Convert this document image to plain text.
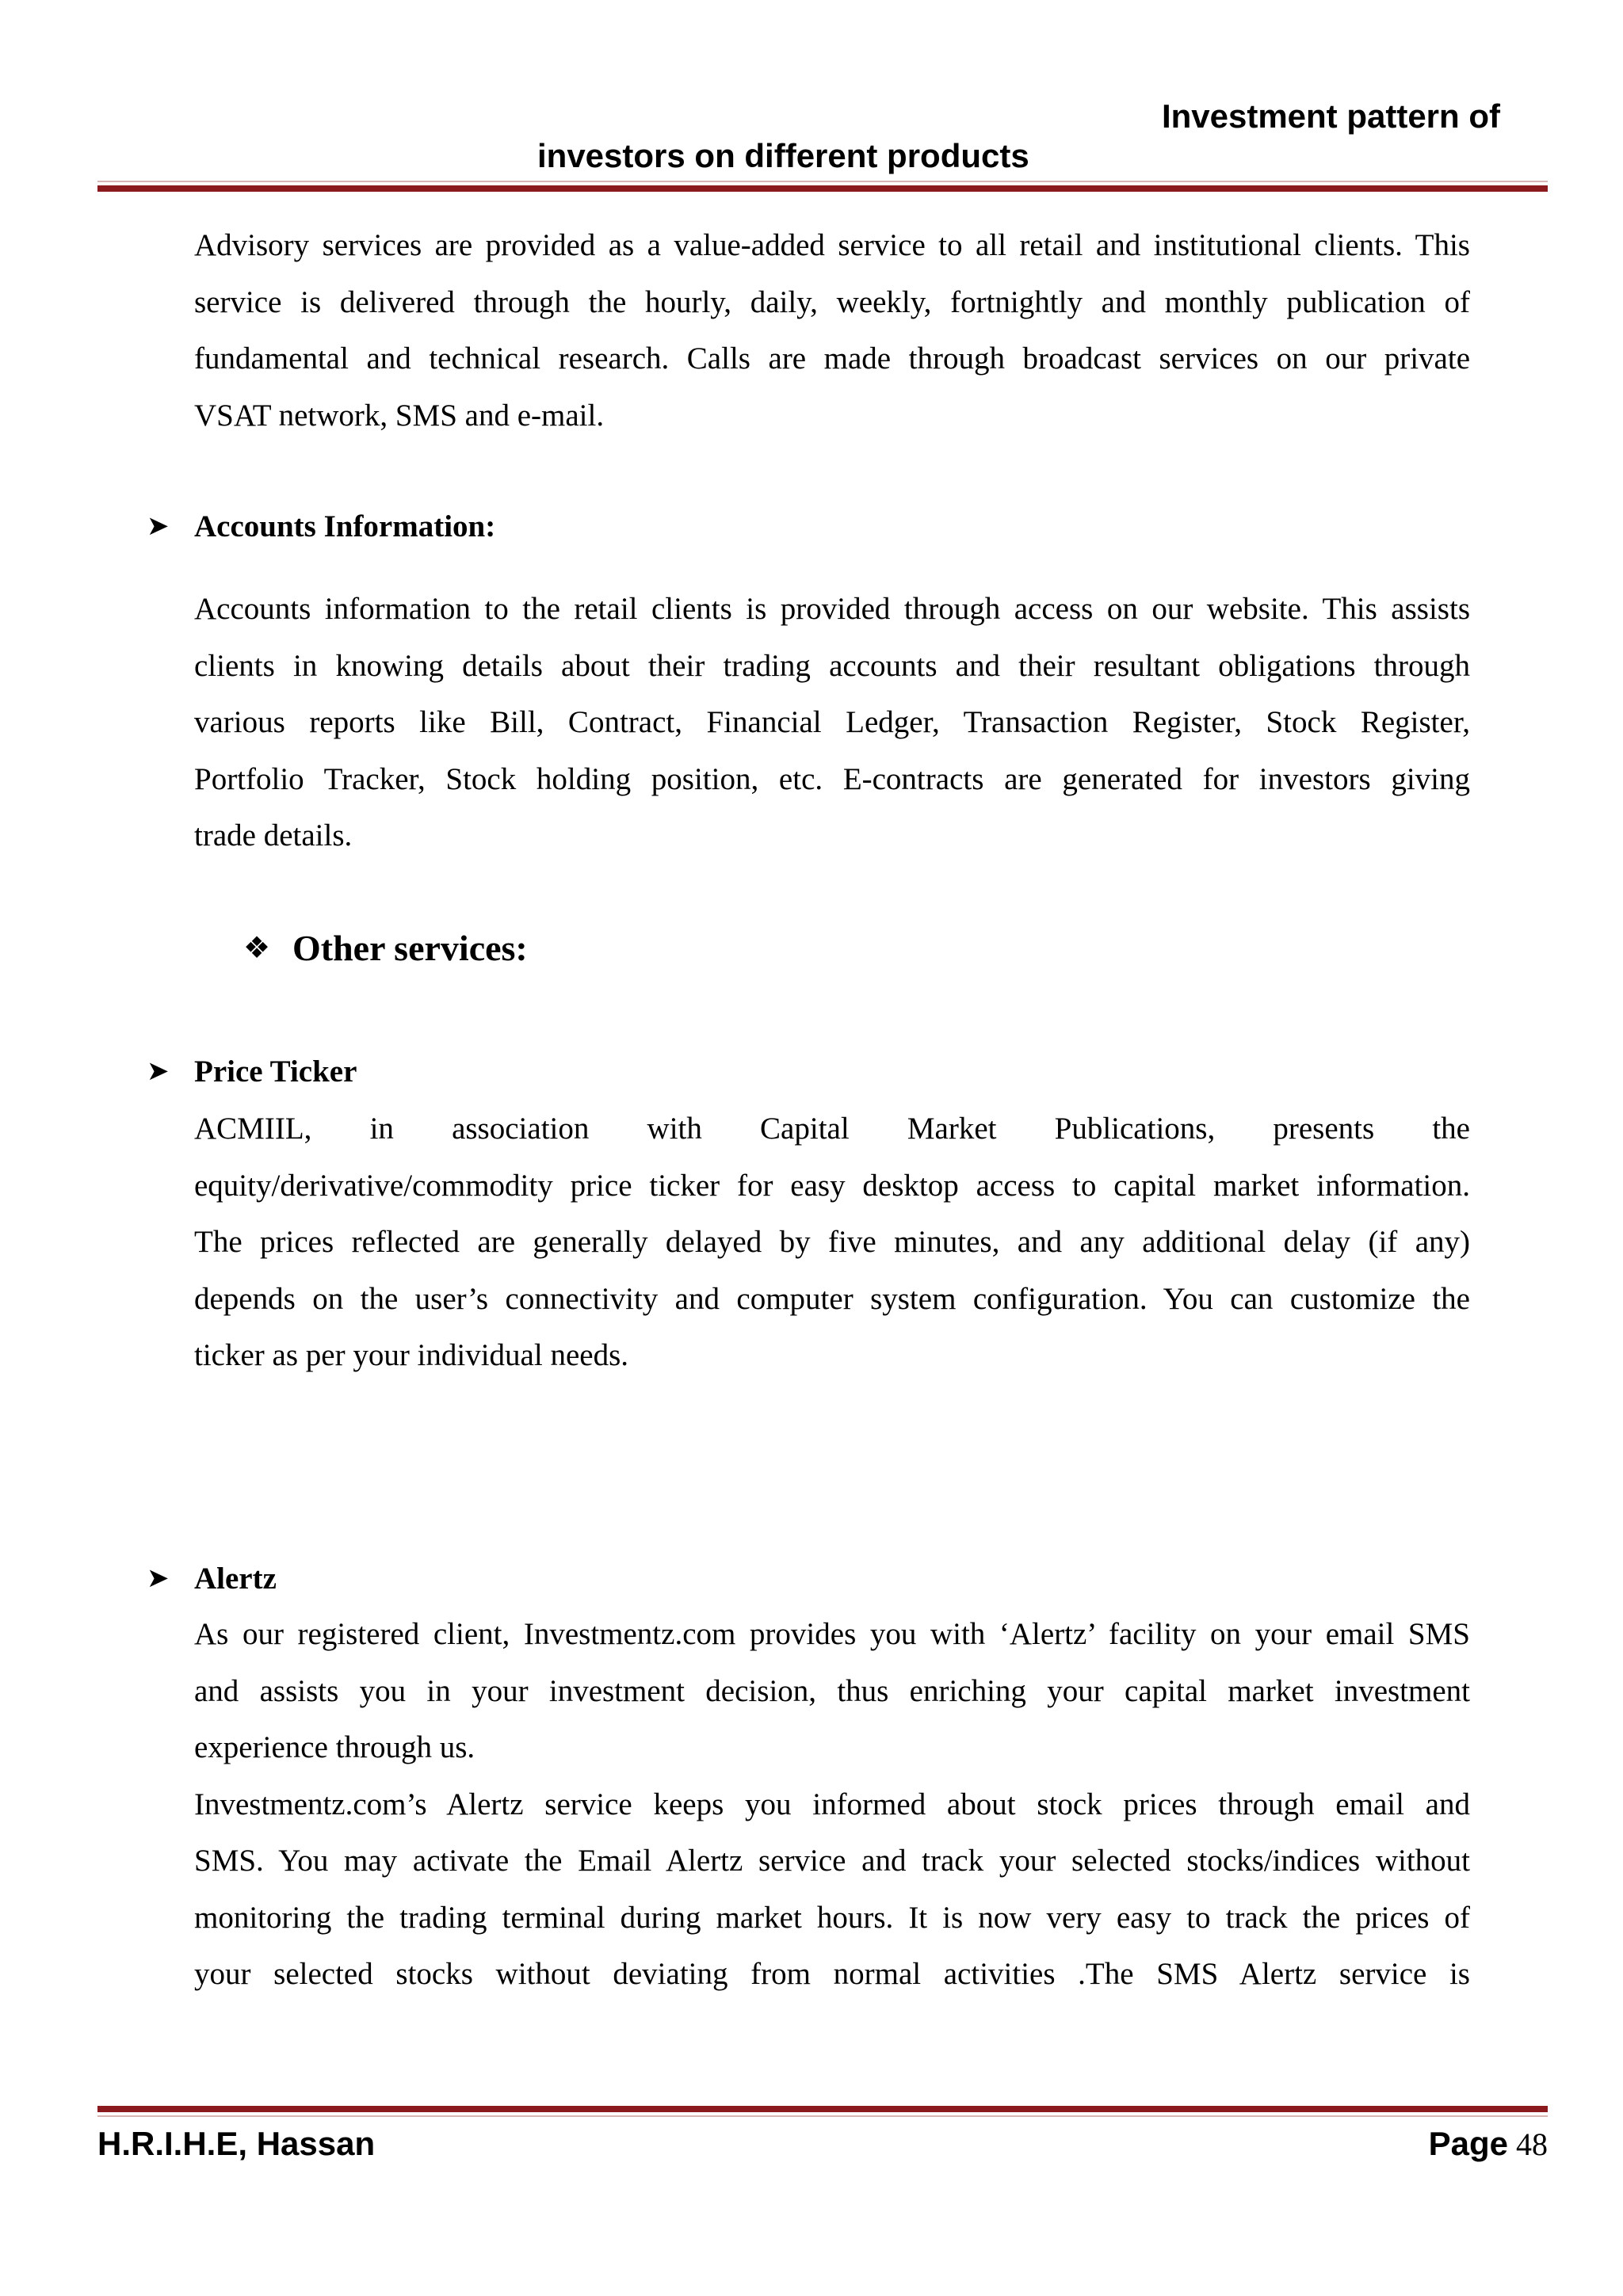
Investment pattern of
investors on different products
Advisory services are provided as a value-added service to all retail and institutional clients. This
service is delivered through the hourly, daily, weekly, fortnightly and monthly publication of
fundamental and technical research. Calls are made through broadcast services on our private
VSAT network, SMS and e-mail.
➤ Accounts Information:
Accounts information to the retail clients is provided through access on our website. This assists
clients in knowing details about their trading accounts and their resultant obligations through
various reports like Bill, Contract, Financial Ledger, Transaction Register, Stock Register,
Portfolio Tracker, Stock holding position, etc. E-contracts are generated for investors giving
trade details.
❖ Other services:
➤ Price Ticker
ACMIIL, in association with Capital Market Publications, presents the
equity/derivative/commodity price ticker for easy desktop access to capital market information.
The prices reflected are generally delayed by five minutes, and any additional delay (if any)
depends on the user’s connectivity and computer system configuration. You can customize the
ticker as per your individual needs.
➤ Alertz
As our registered client, Investmentz.com provides you with ‘Alertz’ facility on your email SMS
and assists you in your investment decision, thus enriching your capital market investment
experience through us.
Investmentz.com’s Alertz service keeps you informed about stock prices through email and
SMS. You may activate the Email Alertz service and track your selected stocks/indices without
monitoring the trading terminal during market hours. It is now very easy to track the prices of
your selected stocks without deviating from normal activities .The SMS Alertz service is
H.R.I.H.E, Hassan	Page 48
